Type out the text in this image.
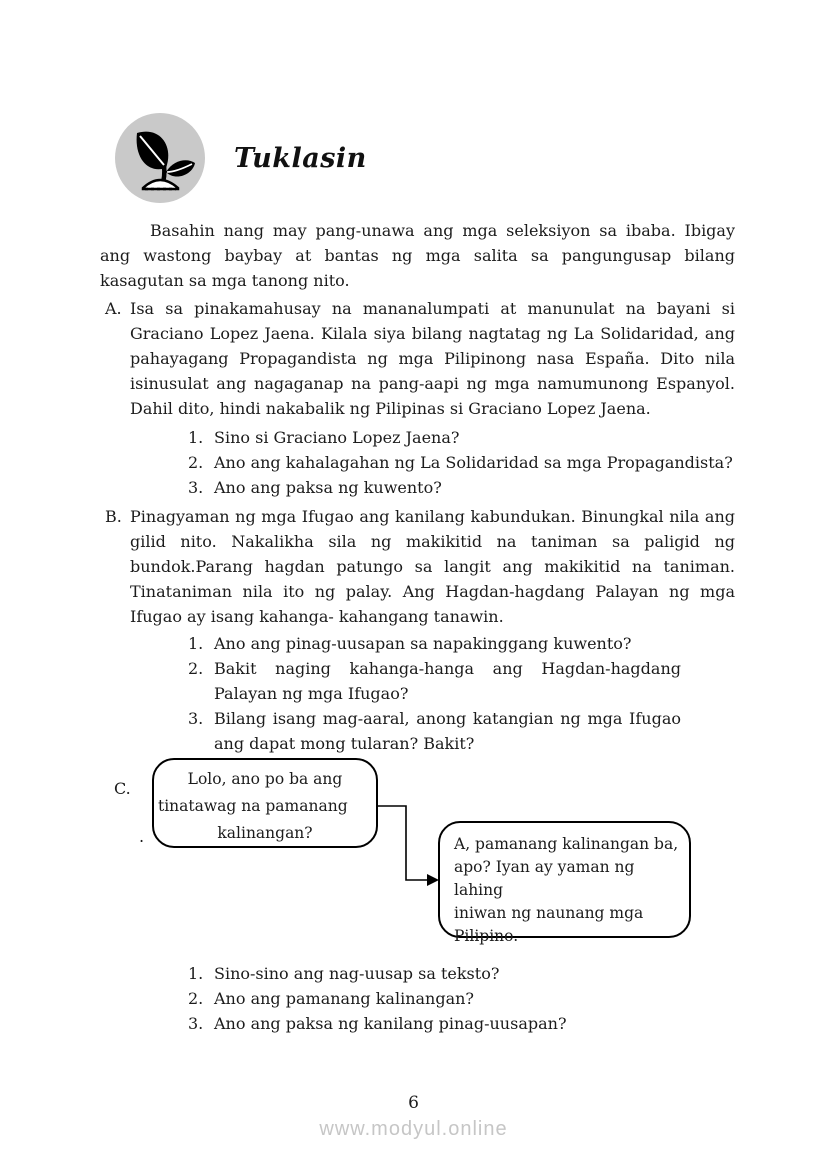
Tuklasin

Basahin nang may pang-unawa ang mga seleksiyon sa ibaba. Ibigay ang wastong baybay at bantas ng mga salita sa pangungusap bilang kasagutan sa mga tanong nito.

A. Isa sa pinakamahusay na mananalumpati at manunulat na bayani si Graciano Lopez Jaena. Kilala siya bilang nagtatag ng La Solidaridad, ang pahayagang Propagandista ng mga Pilipinong nasa España. Dito nila isinusulat ang nagaganap na pang-aapi ng mga namumunong Espanyol. Dahil dito, hindi nakabalik ng Pilipinas si Graciano Lopez Jaena.

1. Sino si Graciano Lopez Jaena?
2. Ano ang kahalagahan ng La Solidaridad sa mga Propagandista?
3. Ano ang paksa ng kuwento?
B. Pinagyaman ng mga Ifugao ang kanilang kabundukan. Binungkal nila ang gilid nito. Nakalikha sila ng makikitid na taniman sa paligid ng bundok.Parang hagdan patungo sa langit ang makikitid na taniman. Tinataniman nila ito ng palay. Ang Hagdan-hagdang Palayan ng mga Ifugao ay isang kahanga- kahangang tanawin.

1. Ano ang pinag-uusapan sa napakinggang kuwento?
2. Bakit naging kahanga-hanga ang Hagdan-hagdang Palayan ng mga Ifugao?
3. Bilang isang mag-aaral, anong katangian ng mga Ifugao ang dapat mong tularan? Bakit?
C.
.
Lolo, ano po ba ang
tinatawag na pamanang
kalinangan?
A, pamanang kalinangan ba,
apo? Iyan ay yaman ng lahing
iniwan ng naunang mga
Pilipino.
1. Sino-sino ang nag-uusap sa teksto?
2. Ano ang pamanang kalinangan?
3. Ano ang paksa ng kanilang pinag-uusapan?
6
www.modyul.online
